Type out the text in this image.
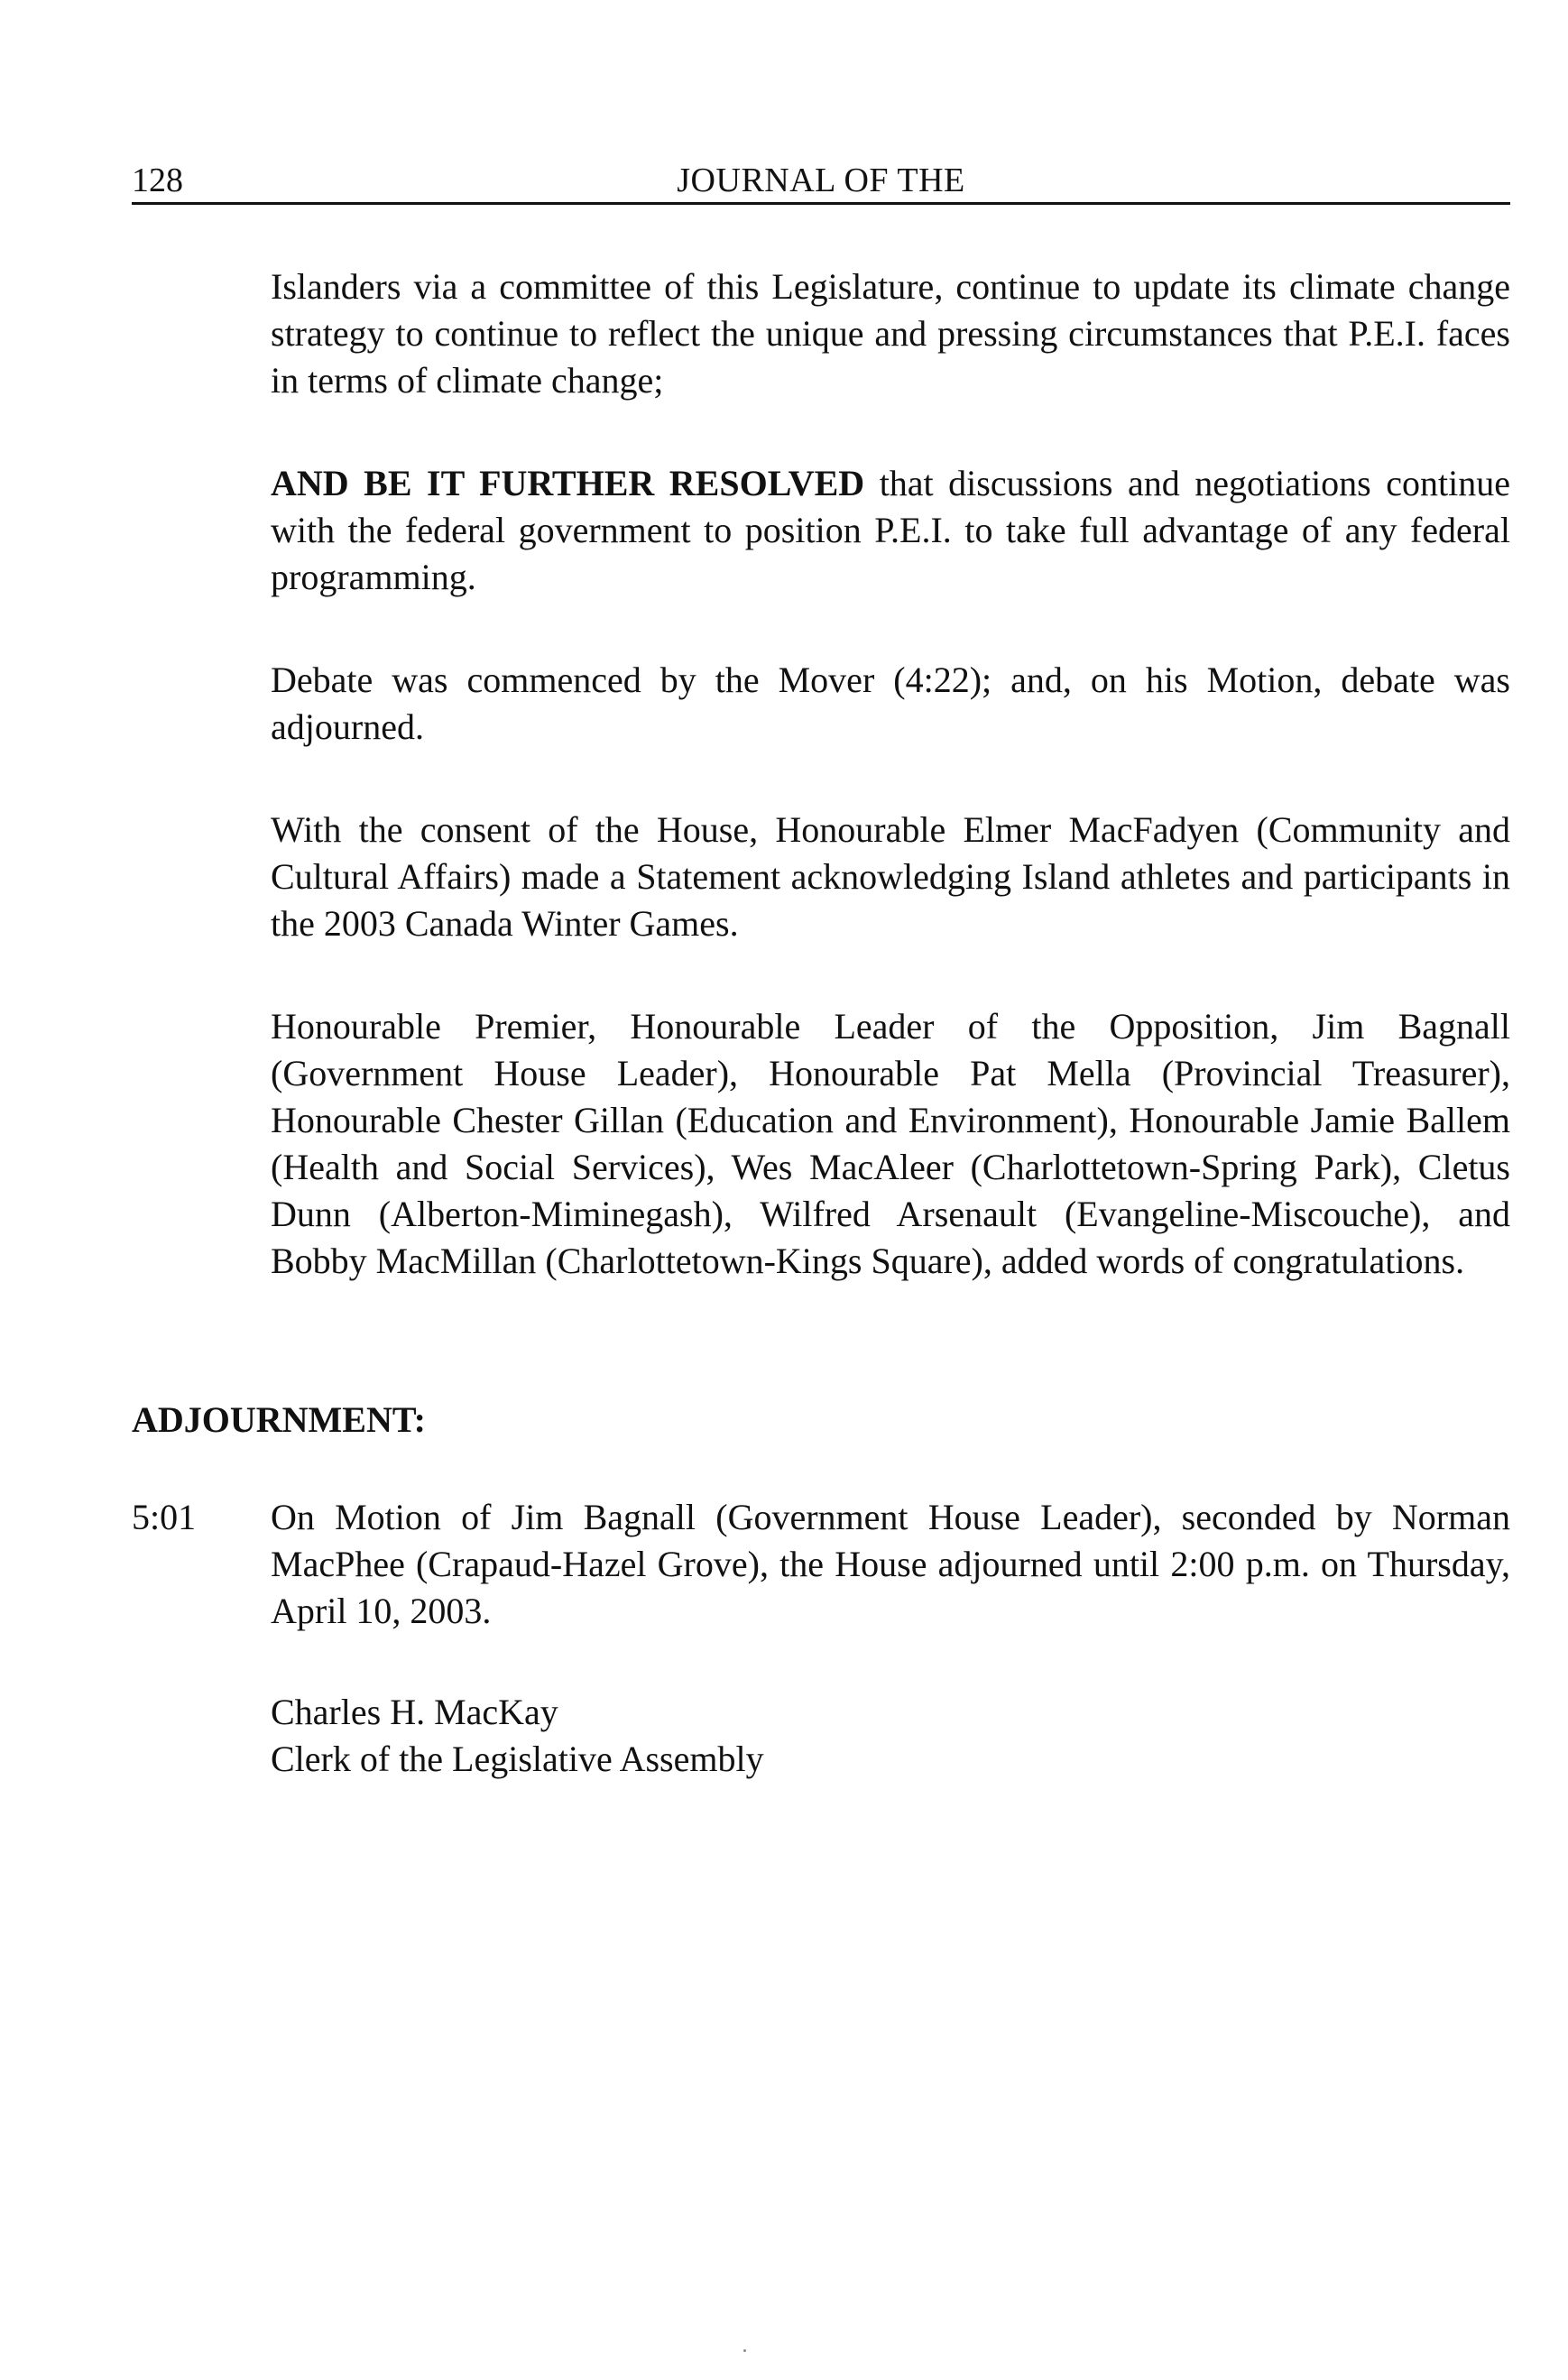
128	JOURNAL OF THE

Islanders via a committee of this Legislature, continue to update its climate change strategy to continue to reflect the unique and pressing circumstances that P.E.I. faces in terms of climate change;

AND BE IT FURTHER RESOLVED that discussions and negotiations continue with the federal government to position P.E.I. to take full advantage of any federal programming.

Debate was commenced by the Mover (4:22); and, on his Motion, debate was adjourned.

With the consent of the House, Honourable Elmer MacFadyen (Community and Cultural Affairs) made a Statement acknowledging Island athletes and participants in the 2003 Canada Winter Games.

Honourable Premier, Honourable Leader of the Opposition, Jim Bagnall (Government House Leader), Honourable Pat Mella (Provincial Treasurer), Honourable Chester Gillan (Education and Environment), Honourable Jamie Ballem (Health and Social Services), Wes MacAleer (Charlottetown-Spring Park), Cletus Dunn (Alberton-Miminegash), Wilfred Arsenault (Evangeline-Miscouche), and Bobby MacMillan (Charlottetown-Kings Square), added words of congratulations.

ADJOURNMENT:
5:01 On Motion of Jim Bagnall (Government House Leader), seconded by Norman MacPhee (Crapaud-Hazel Grove), the House adjourned until 2:00 p.m. on Thursday, April 10, 2003.

Charles H. MacKay
Clerk of the Legislative Assembly
